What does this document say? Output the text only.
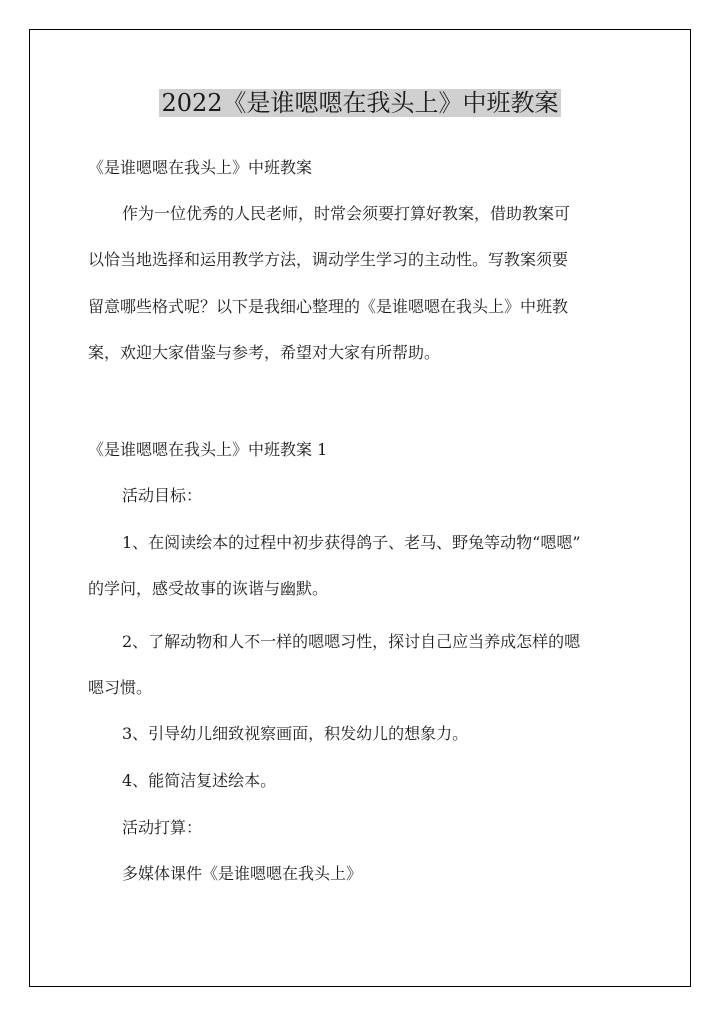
2022《是谁嗯嗯在我头上》中班教案
《是谁嗯嗯在我头上》中班教案
作为一位优秀的人民老师，时常会须要打算好教案，借助教案可
以恰当地选择和运用教学方法，调动学生学习的主动性。写教案须要
留意哪些格式呢？以下是我细心整理的《是谁嗯嗯在我头上》中班教
案，欢迎大家借鉴与参考，希望对大家有所帮助。
《是谁嗯嗯在我头上》中班教案 1
活动目标：
1、在阅读绘本的过程中初步获得鸽子、老马、野兔等动物“嗯嗯”
的学问，感受故事的诙谐与幽默。
2、了解动物和人不一样的嗯嗯习性，探讨自己应当养成怎样的嗯
嗯习惯。
3、引导幼儿细致视察画面，积发幼儿的想象力。
4、能简洁复述绘本。
活动打算：
多媒体课件《是谁嗯嗯在我头上》
